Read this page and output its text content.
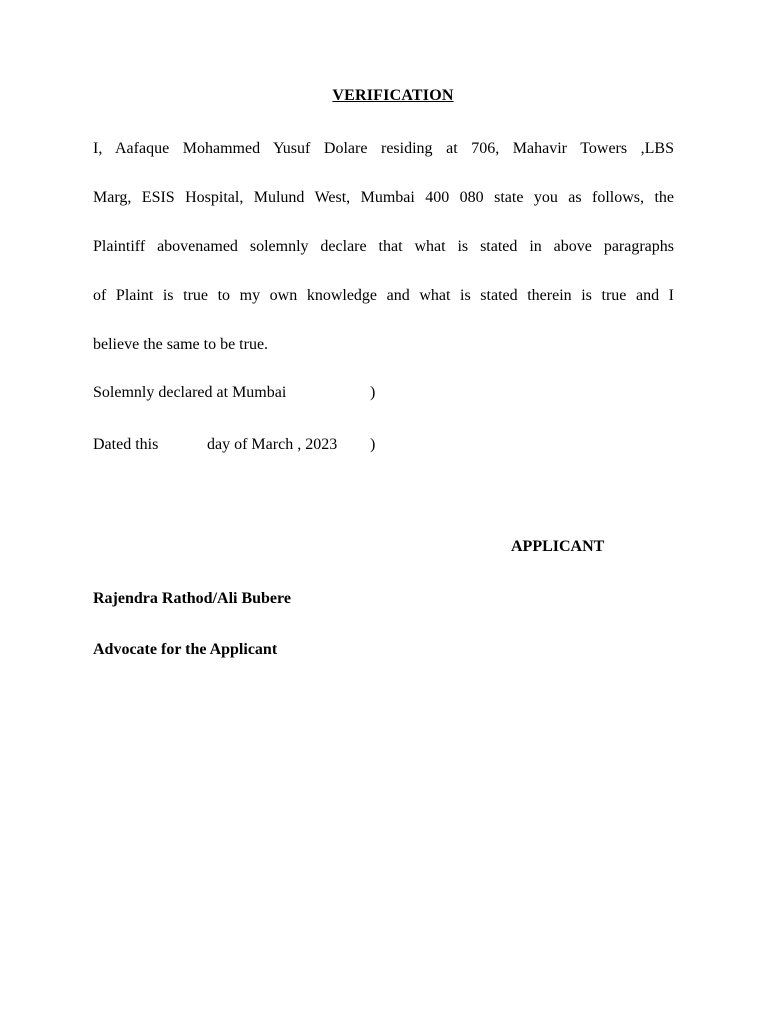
VERIFICATION
I, Aafaque Mohammed Yusuf Dolare residing at 706, Mahavir Towers ,LBS
Marg, ESIS Hospital, Mulund West, Mumbai 400 080 state you as follows, the
Plaintiff abovenamed solemnly declare that what is stated in above paragraphs
of Plaint is true to my own knowledge and what is stated therein is true and I
believe the same to be true.
Solemnly declared at Mumbai	)
Dated this	day of March , 2023 )
APPLICANT
Rajendra Rathod/Ali Bubere
Advocate for the Applicant
